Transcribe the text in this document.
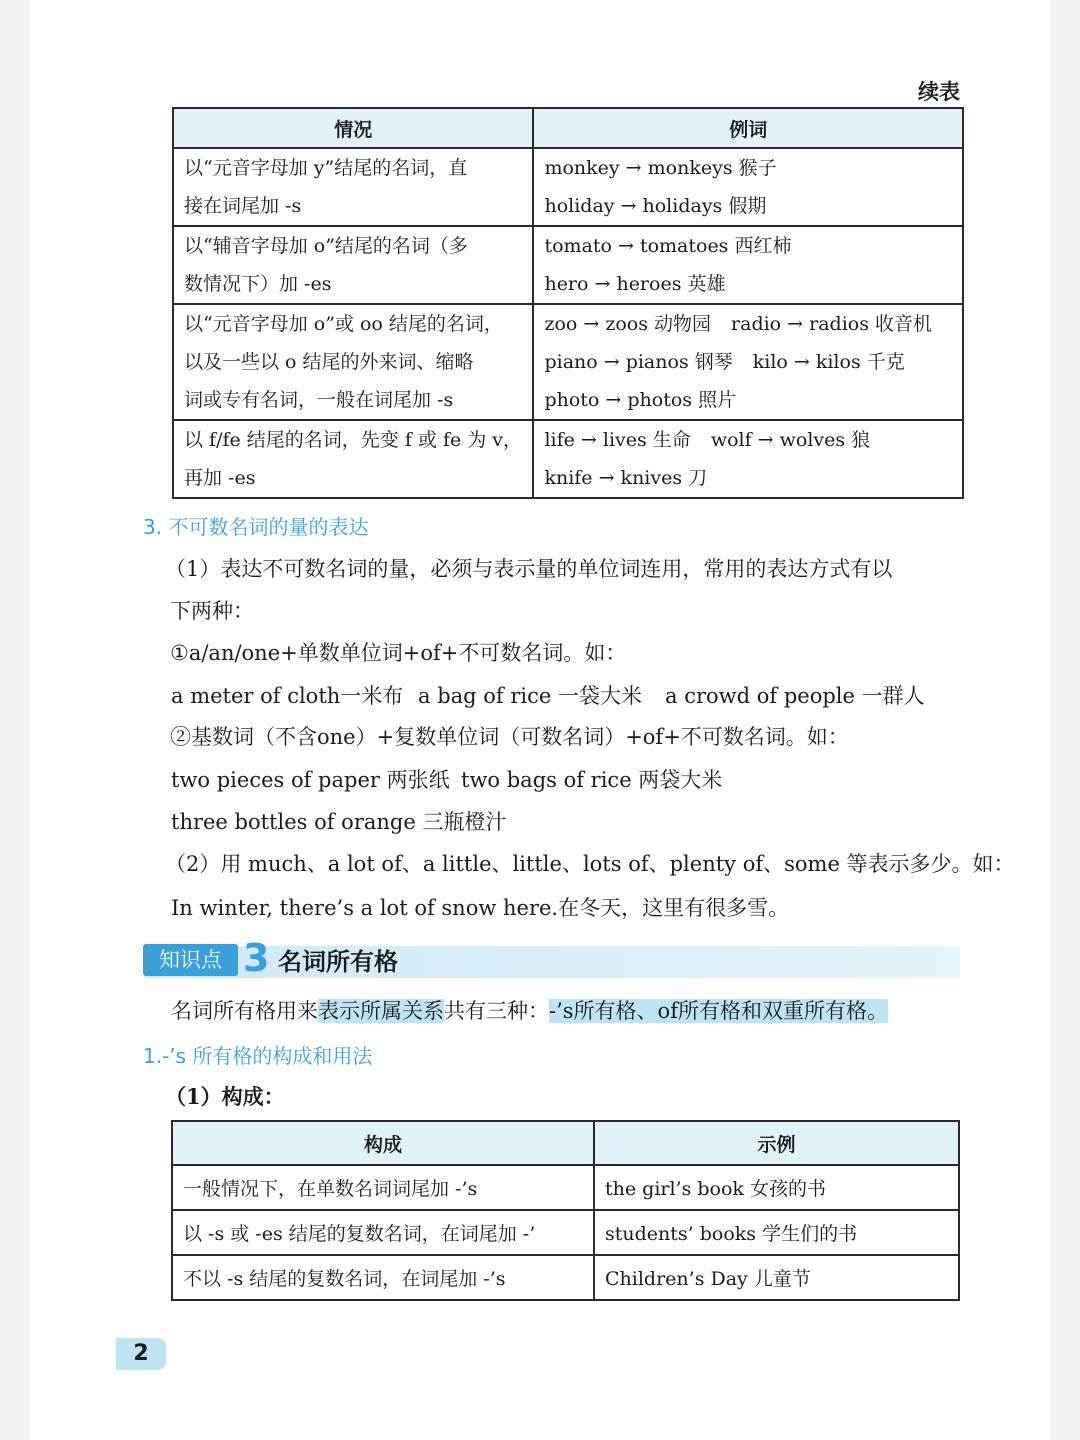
续表
情况	例词

以“元音字母加 y”结尾的名词，直
接在词尾加 -s	monkey → monkeys 猴子
holiday → holidays 假期

以“辅音字母加 o”结尾的名词（多
数情况下）加 -es	tomato → tomatoes 西红柿
hero → heroes 英雄

以“元音字母加 o”或 oo 结尾的名词，
以及一些以 o 结尾的外来词、缩略
词或专有名词，一般在词尾加 -s	zoo → zoos 动物园 radio → radios 收音机
piano → pianos 钢琴 kilo → kilos 千克
photo → photos 照片

以 f/fe 结尾的名词，先变 f 或 fe 为 v，
再加 -es	life → lives 生命 wolf → wolves 狼
knife → knives 刀
3. 不可数名词的量的表达
（1）表达不可数名词的量，必须与表示量的单位词连用，常用的表达方式有以
下两种：
①a/an/one+单数单位词+of+不可数名词。如：
a meter of cloth一米布 a bag of rice 一袋大米 a crowd of people 一群人
②基数词（不含one）+复数单位词（可数名词）+of+不可数名词。如：
two pieces of paper 两张纸 two bags of rice 两袋大米
three bottles of orange 三瓶橙汁
（2）用 much、a lot of、a little、little、lots of、plenty of、some 等表示多少。如：
In winter, there’s a lot of snow here.在冬天，这里有很多雪。
知识点 3 名词所有格
名词所有格用来表示所属关系共有三种：-’s所有格、of所有格和双重所有格。
1.-’s 所有格的构成和用法
（1）构成：
构成	示例
一般情况下，在单数名词词尾加 -’s	the girl’s book 女孩的书
以 -s 或 -es 结尾的复数名词，在词尾加 -’	students’ books 学生们的书
不以 -s 结尾的复数名词，在词尾加 -’s	Children’s Day 儿童节
2
